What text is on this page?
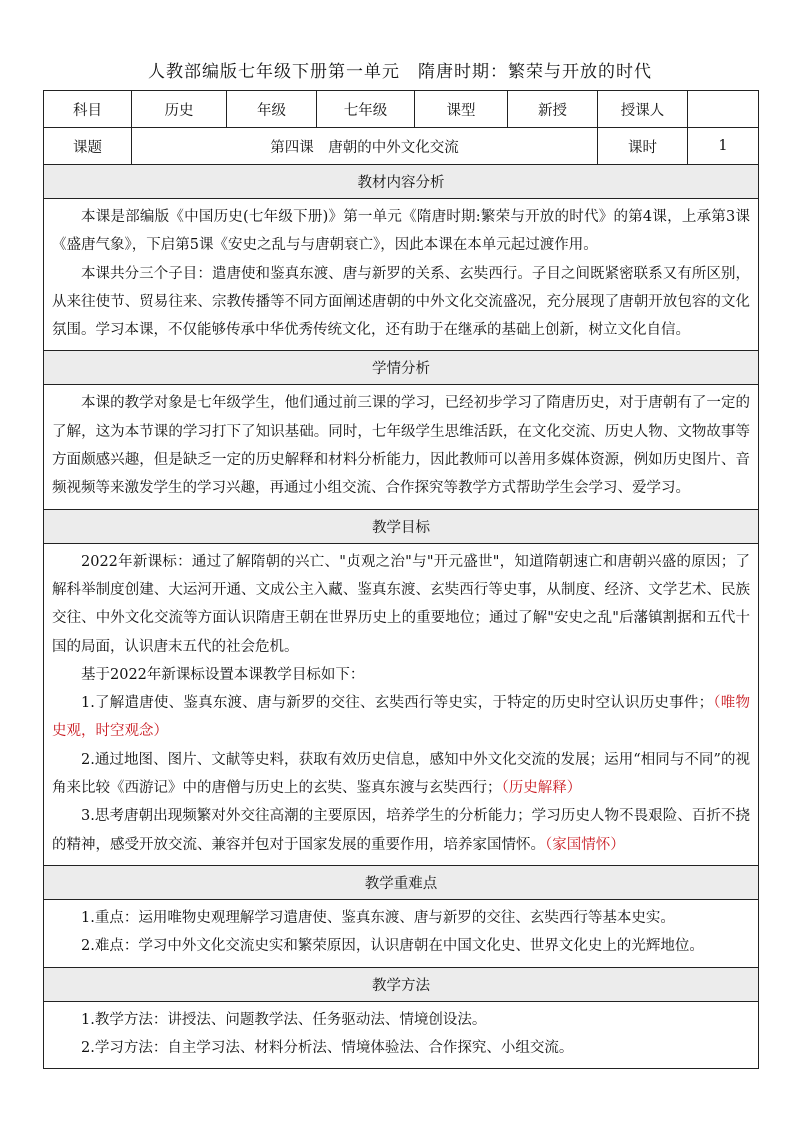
人教部编版七年级下册第一单元　隋唐时期：繁荣与开放的时代
科目	历史	年级	七年级	课型	新授	授课人	
课题	第四课　唐朝的中外文化交流					课时	1
教材内容分析							

本课是部编版《中国历史(七年级下册)》第一单元《隋唐时期:繁荣与开放的时代》的第4课，上承第3课《盛唐气象》，下启第5课《安史之乱与与唐朝衰亡》，因此本课在本单元起过渡作用。

本课共分三个子目：遣唐使和鉴真东渡、唐与新罗的关系、玄奘西行。子目之间既紧密联系又有所区别，从来往使节、贸易往来、宗教传播等不同方面阐述唐朝的中外文化交流盛况，充分展现了唐朝开放包容的文化氛围。学习本课，不仅能够传承中华优秀传统文化，还有助于在继承的基础上创新，树立文化自信。							

学情分析							

本课的教学对象是七年级学生，他们通过前三课的学习，已经初步学习了隋唐历史，对于唐朝有了一定的了解，这为本节课的学习打下了知识基础。同时，七年级学生思维活跃，在文化交流、历史人物、文物故事等方面颇感兴趣，但是缺乏一定的历史解释和材料分析能力，因此教师可以善用多媒体资源，例如历史图片、音频视频等来激发学生的学习兴趣，再通过小组交流、合作探究等教学方式帮助学生会学习、爱学习。							

教学目标							

2022年新课标：通过了解隋朝的兴亡、"贞观之治"与"开元盛世"，知道隋朝速亡和唐朝兴盛的原因；了解科举制度创建、大运河开通、文成公主入藏、鉴真东渡、玄奘西行等史事，从制度、经济、文学艺术、民族交往、中外文化交流等方面认识隋唐王朝在世界历史上的重要地位；通过了解"安史之乱"后藩镇割据和五代十国的局面，认识唐末五代的社会危机。

基于2022年新课标设置本课教学目标如下：

1.了解遣唐使、鉴真东渡、唐与新罗的交往、玄奘西行等史实，于特定的历史时空认识历史事件；（唯物史观，时空观念）

2.通过地图、图片、文献等史料，获取有效历史信息，感知中外文化交流的发展；运用“相同与不同”的视角来比较《西游记》中的唐僧与历史上的玄奘、鉴真东渡与玄奘西行；（历史解释）

3.思考唐朝出现频繁对外交往高潮的主要原因，培养学生的分析能力；学习历史人物不畏艰险、百折不挠的精神，感受开放交流、兼容并包对于国家发展的重要作用，培养家国情怀。（家国情怀）							

教学重难点							

1.重点：运用唯物史观理解学习遣唐使、鉴真东渡、唐与新罗的交往、玄奘西行等基本史实。

2.难点：学习中外文化交流史实和繁荣原因，认识唐朝在中国文化史、世界文化史上的光辉地位。							

教学方法							

1.教学方法：讲授法、问题教学法、任务驱动法、情境创设法。

2.学习方法：自主学习法、材料分析法、情境体验法、合作探究、小组交流。							
